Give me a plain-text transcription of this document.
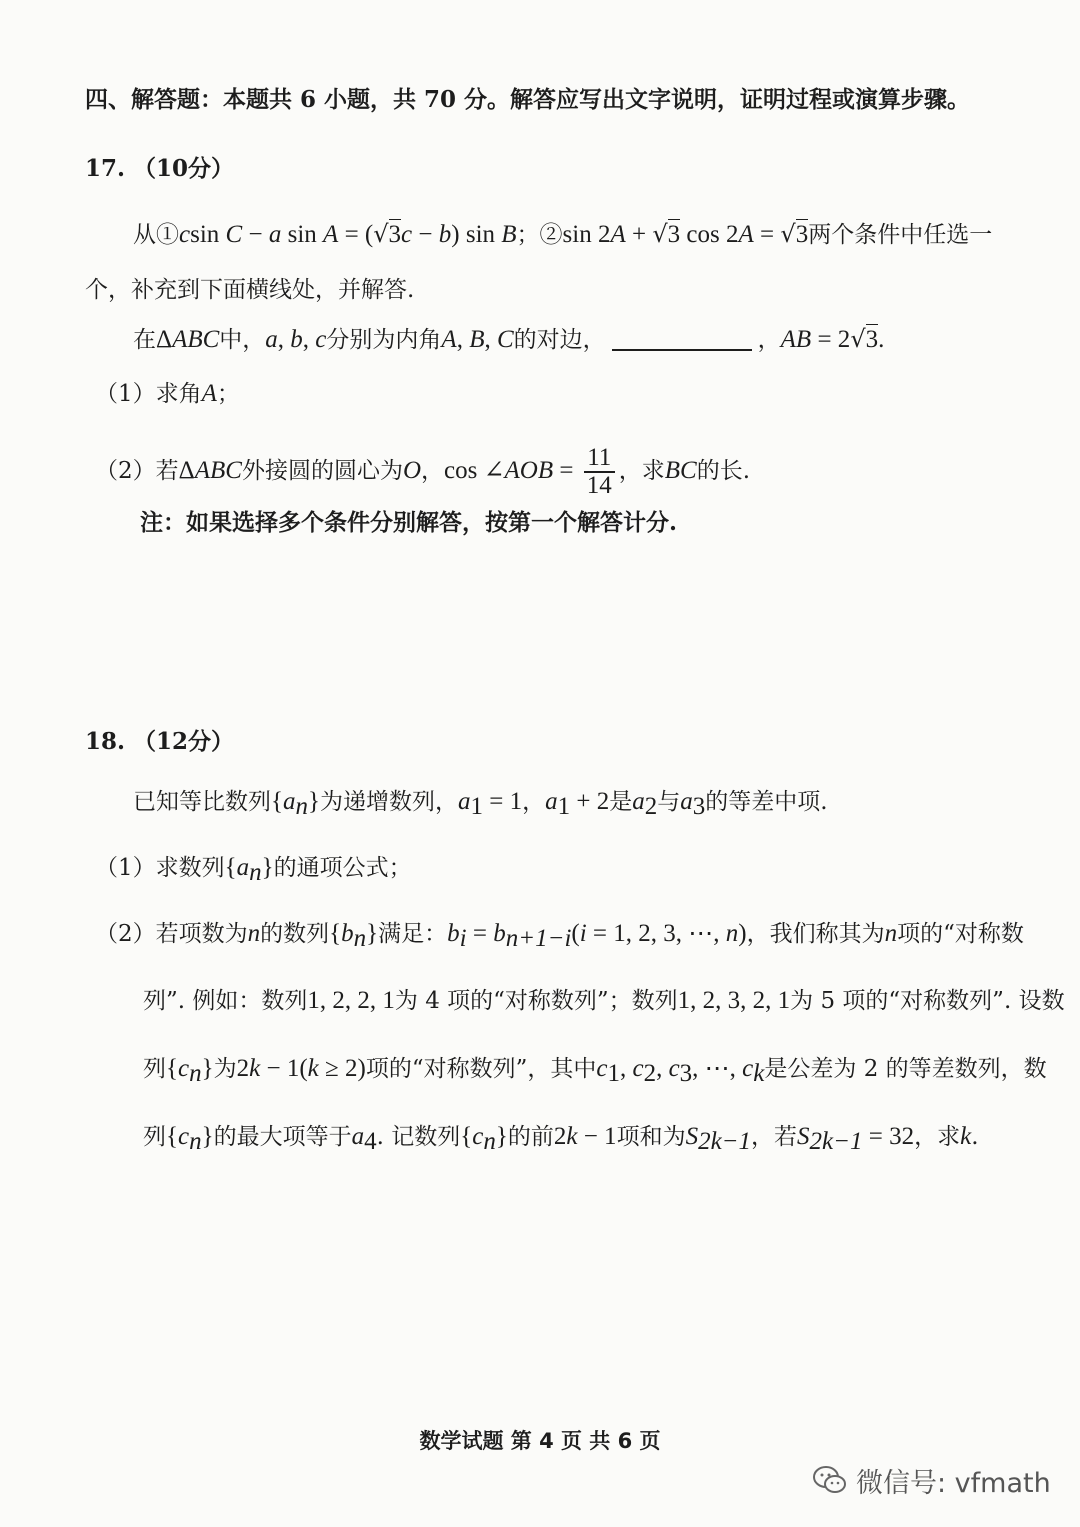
四、解答题：本题共 6 小题，共 70 分。解答应写出文字说明，证明过程或演算步骤。
17. （10分）
从①csin C − a sin A = (√3c − b) sin B；②sin 2A + √3 cos 2A = √3两个条件中任选一
个，补充到下面横线处，并解答.
在ΔABC中，a, b, c分别为内角A, B, C的对边，	，AB = 2√3.
（1）求角A；
（2）若ΔABC外接圆的圆心为O，cos ∠AOB = $\frac{11}{14}$ ，求BC的长.
注：如果选择多个条件分别解答，按第一个解答计分.
18. （12分）
已知等比数列$\{a_n\}$为递增数列，$a_1 = 1$，$a_1 + 2$是$a_2$与$a_3$的等差中项.
（1）求数列$\{a_n\}$的通项公式；
（2）若项数为n的数列$\{b_n\}$满足：$b_i = b_{n+1-i}(i = 1$, 2, 3, ⋯, n)，我们称其为n项的“对称数
列”. 例如：数列1, 2, 2, 1为 4 项的“对称数列”；数列1, 2, 3, 2, 1为 5 项的“对称数列”. 设数
列$\{c_n\}$为2k − 1(k ≥ 2)项的“对称数列”，其中$c_1$, $c_2$, $c_3$, ⋯, $c_k$是公差为 2 的等差数列，数
列$\{c_n\}$的最大项等于$a_4$. 记数列$\{c_n\}$的前2k − 1项和为$S_{2k-1}$，若$S_{2k-1} = 32$，求k.
数学试题 第 4 页 共 6 页
微信号: vfmath
